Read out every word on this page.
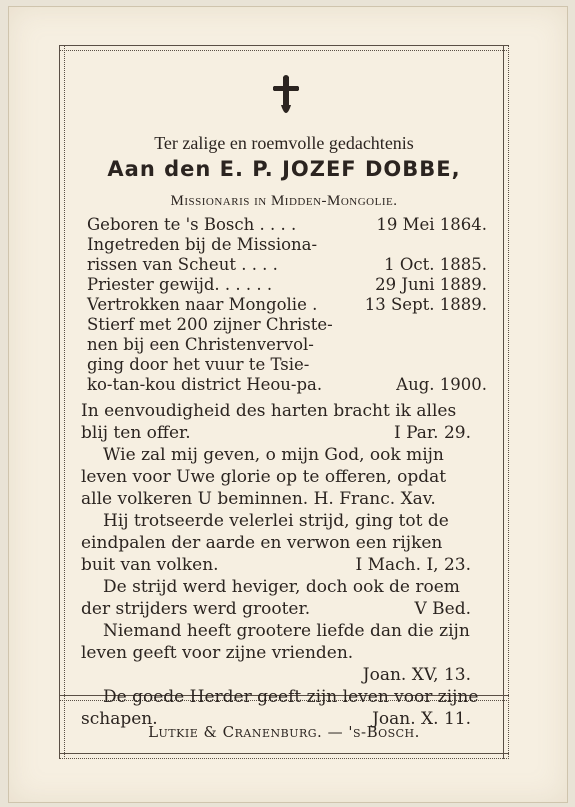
Ter zalige en roemvolle gedachtenis
Aan den E. P. JOZEF DOBBE,
Missionaris in Midden-Mongolie.
Geboren te 's Bosch . . . .	19 Mei 1864.
Ingetreden bij de Missiona-
rissen van Scheut . . . .	1 Oct. 1885.
Priester gewijd. . . . . .	29 Juni 1889.
Vertrokken naar Mongolie .	13 Sept. 1889.
Stierf met 200 zijner Christe-
nen bij een Christenvervol-
ging door het vuur te Tsie-
ko-tan-kou district Heou-pa.	Aug. 1900.
In eenvoudigheid des harten bracht ik alles
blij ten offer.	I Par. 29.
Wie zal mij geven, o mijn God, ook mijn
leven voor Uwe glorie op te offeren, opdat
alle volkeren U beminnen. H. Franc. Xav.
Hij trotseerde velerlei strijd, ging tot de
eindpalen der aarde en verwon een rijken
buit van volken.	I Mach. I, 23.
De strijd werd heviger, doch ook de roem
der strijders werd grooter.	V Bed.
Niemand heeft grootere liefde dan die zijn
leven geeft voor zijne vrienden.
Joan. XV, 13.
De goede Herder geeft zijn leven voor zijne
schapen.	Joan. X. 11.
Lutkie & Cranenburg. — 's-Bosch.
